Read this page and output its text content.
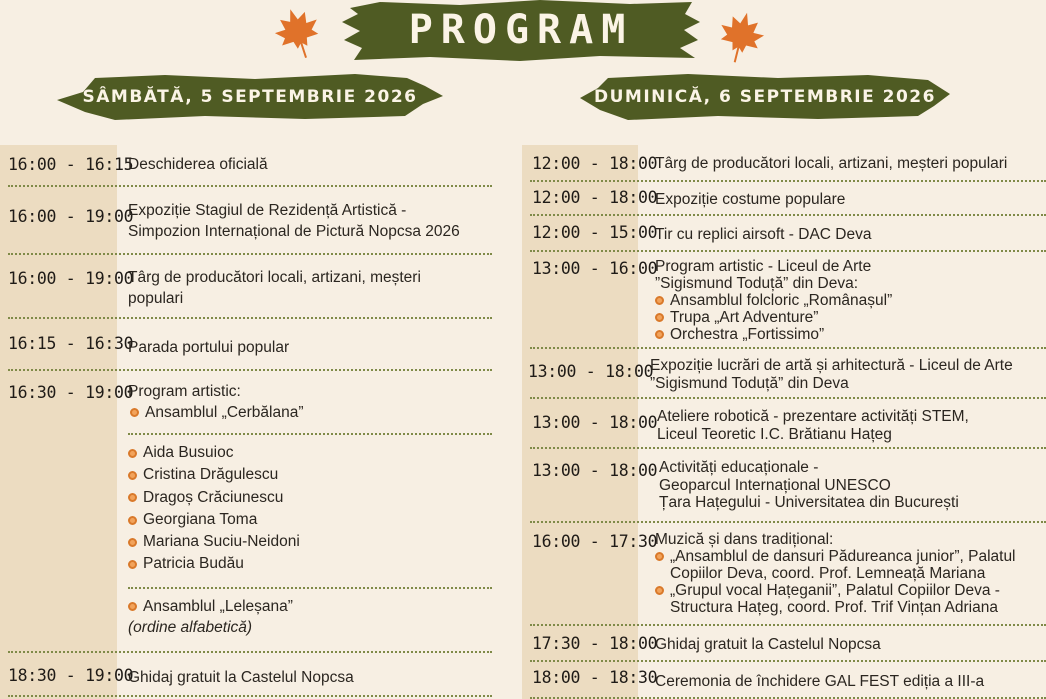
PROGRAM
SÂMBĂTĂ, 5 SEPTEMBRIE 2026	DUMINICĂ, 6 SEPTEMBRIE 2026
16:00 - 16:15
Deschiderea oficială
16:00 - 19:00
Expoziție Stagiul de Rezidență Artistică -
Simpozion Internațional de Pictură Nopcsa 2026
16:00 - 19:00
Târg de producători locali, artizani, meșteri
populari
16:15 - 16:30
Parada portului popular
16:30 - 19:00
Program artistic:
Ansamblul „Cerbălana”
Aida Busuioc
Cristina Drăgulescu
Dragoș Crăciunescu
Georgiana Toma
Mariana Suciu-Neidoni
Patricia Budău
Ansamblul „Leleșana”
(ordine alfabetică)
18:30 - 19:00
Ghidaj gratuit la Castelul Nopcsa
12:00 - 18:00
Târg de producători locali, artizani, meșteri populari
12:00 - 18:00
Expoziție costume populare
12:00 - 15:00
Tir cu replici airsoft - DAC Deva
13:00 - 16:00
Program artistic - Liceul de Arte
”Sigismund Toduță” din Deva:
Ansamblul folcloric „Românașul”
Trupa „Art Adventure”
Orchestra „Fortissimo”
13:00 - 18:00
Expoziție lucrări de artă și arhitectură - Liceul de Arte
”Sigismund Toduță” din Deva
13:00 - 18:00 Ateliere robotică - prezentare activități STEM,
Liceul Teoretic I.C. Brătianu Hațeg
13:00 - 18:00 Activități educaționale -
Geoparcul Internațional UNESCO
Țara Hațegului - Universitatea din București
16:00 - 17:30
Muzică și dans tradițional:
„Ansamblul de dansuri Pădureanca junior”, Palatul
Copiilor Deva, coord. Prof. Lemneață Mariana
„Grupul vocal Hațeganii”, Palatul Copiilor Deva -
Structura Hațeg, coord. Prof. Trif Vințan Adriana
17:30 - 18:00
Ghidaj gratuit la Castelul Nopcsa
18:00 - 18:30
Ceremonia de închidere GAL FEST ediția a III-a
